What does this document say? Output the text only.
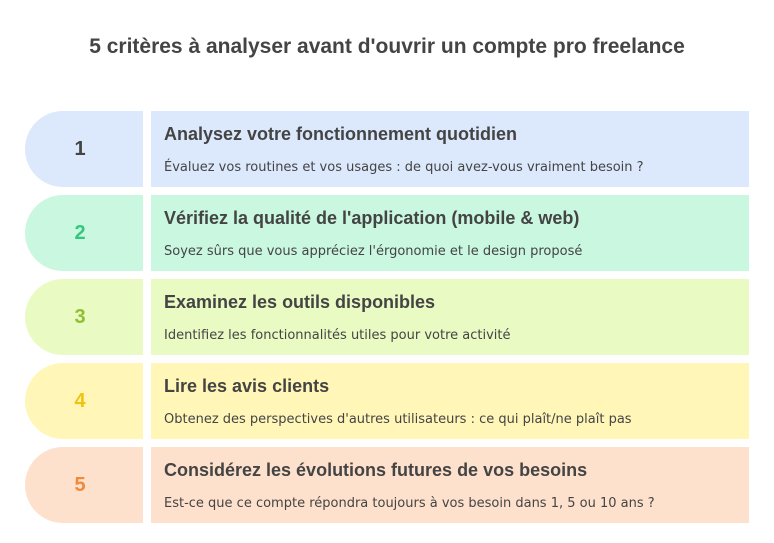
5 critères à analyser avant d'ouvrir un compte pro freelance
1
Analysez votre fonctionnement quotidien
Évaluez vos routines et vos usages : de quoi avez-vous vraiment besoin ?
2
Vérifiez la qualité de l'application (mobile & web)
Soyez sûrs que vous appréciez l'érgonomie et le design proposé
3
Examinez les outils disponibles
Identifiez les fonctionnalités utiles pour votre activité
4
Lire les avis clients
Obtenez des perspectives d'autres utilisateurs : ce qui plaît/ne plaît pas
5
Considérez les évolutions futures de vos besoins
Est-ce que ce compte répondra toujours à vos besoin dans 1, 5 ou 10 ans ?
